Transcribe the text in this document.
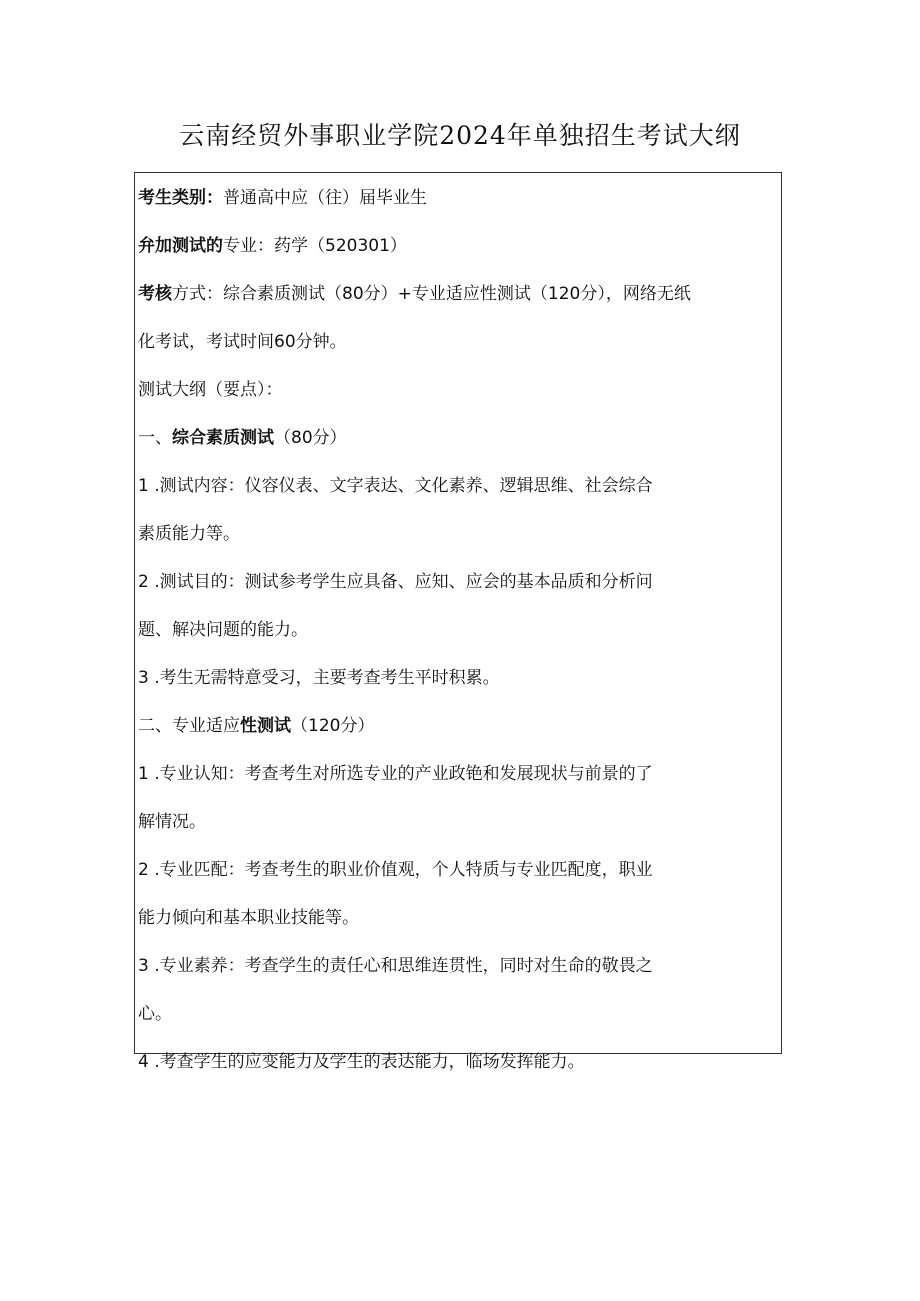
云南经贸外事职业学院2024年单独招生考试大纲
考生类别：普通高中应（往）届毕业生
弁加测试的专业：药学（520301）
考核方式：综合素质测试（80分）+专业适应性测试（120分），网络无纸
化考试，考试时间60分钟。
测试大纲（要点）：
一、综合素质测试（80分）
1 .测试内容：仪容仪表、文字表达、文化素养、逻辑思维、社会综合
素质能力等。
2 .测试目的：测试参考学生应具备、应知、应会的基本品质和分析问
题、解决问题的能力。
3 .考生无需特意受习，主要考查考生平时积累。
二、专业适应性测试（120分）
1 .专业认知：考查考生对所选专业的产业政铯和发展现状与前景的了
解情况。
2 .专业匹配：考查考生的职业价值观，个人特质与专业匹配度，职业
能力倾向和基本职业技能等。
3 .专业素养：考查学生的责任心和思维连贯性，同时对生命的敬畏之
心。
4 .考查学生的应变能力及学生的表达能力，临场发挥能力。
